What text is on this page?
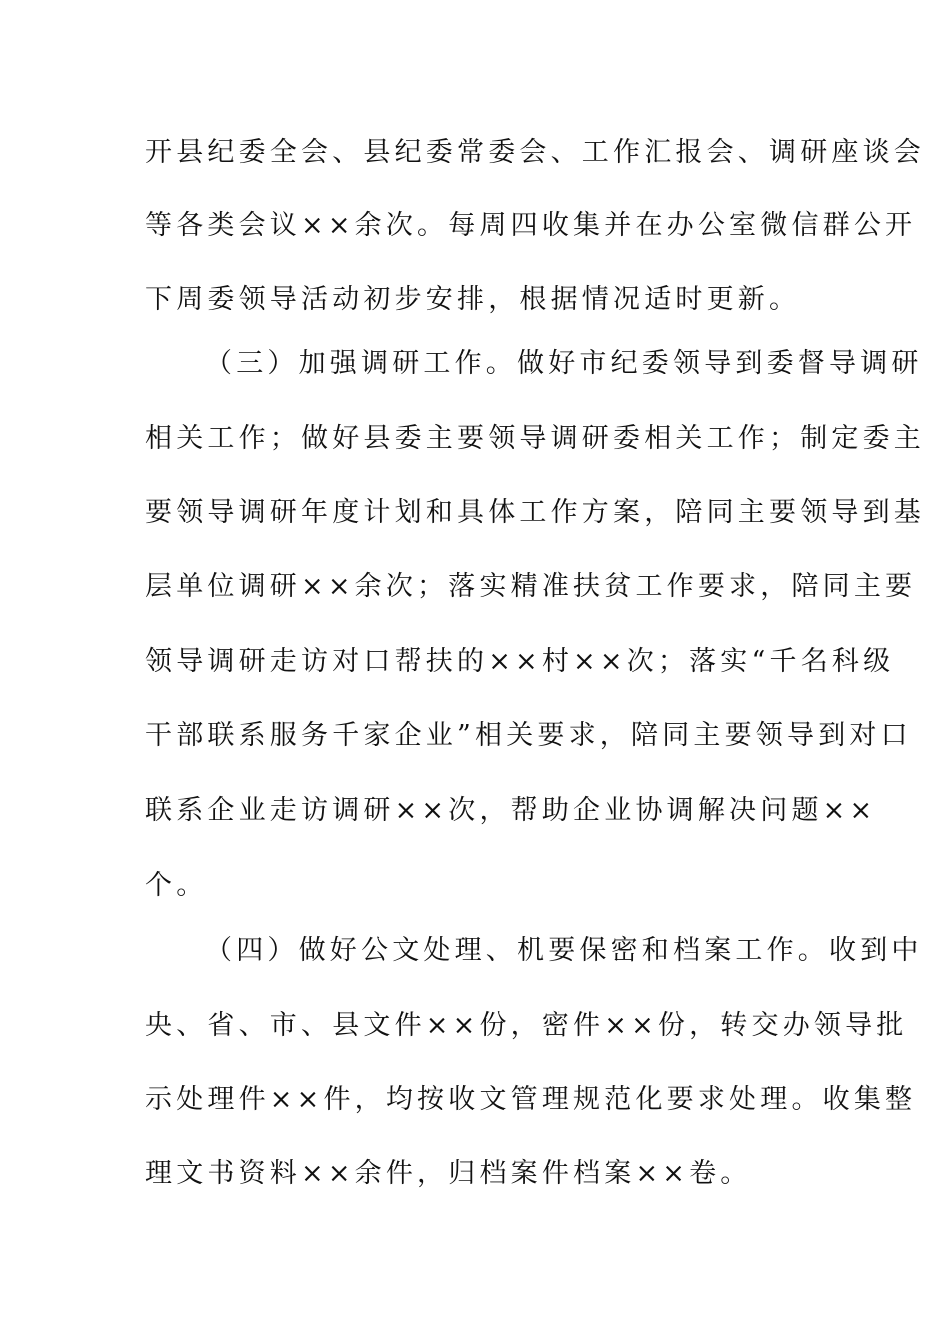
开县纪委全会、县纪委常委会、工作汇报会、调研座谈会
等各类会议××余次。每周四收集并在办公室微信群公开
下周委领导活动初步安排，根据情况适时更新。
（三）加强调研工作。做好市纪委领导到委督导调研
相关工作；做好县委主要领导调研委相关工作；制定委主
要领导调研年度计划和具体工作方案，陪同主要领导到基
层单位调研××余次；落实精准扶贫工作要求，陪同主要
领导调研走访对口帮扶的××村××次；落实“千名科级
干部联系服务千家企业”相关要求，陪同主要领导到对口
联系企业走访调研××次，帮助企业协调解决问题××
个。
（四）做好公文处理、机要保密和档案工作。收到中
央、省、市、县文件××份，密件××份，转交办领导批
示处理件××件，均按收文管理规范化要求处理。收集整
理文书资料××余件，归档案件档案××卷。
